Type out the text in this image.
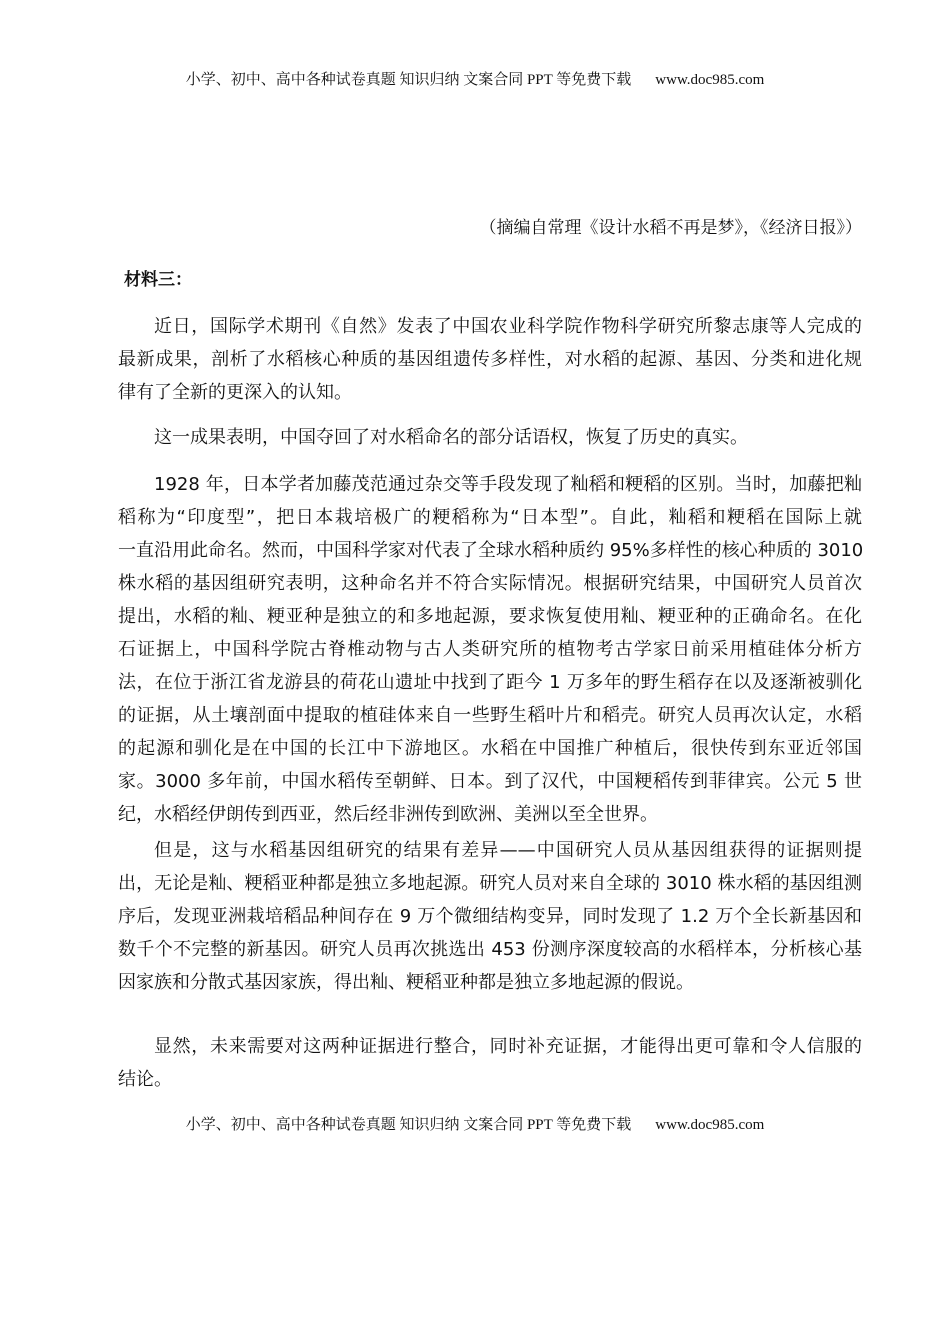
小学、初中、高中各种试卷真题 知识归纳 文案合同 PPT 等免费下载 www.doc985.com
（摘编自常理《设计水稻不再是梦》，《经济日报》）
材料三：
近日，国际学术期刊《自然》发表了中国农业科学院作物科学研究所黎志康等人完成的
最新成果，剖析了水稻核心种质的基因组遗传多样性，对水稻的起源、基因、分类和进化规
律有了全新的更深入的认知。
这一成果表明，中国夺回了对水稻命名的部分话语权，恢复了历史的真实。
1928 年，日本学者加藤茂范通过杂交等手段发现了籼稻和粳稻的区别。当时，加藤把籼
稻称为“印度型”，把日本栽培极广的粳稻称为“日本型”。自此，籼稻和粳稻在国际上就
一直沿用此命名。然而，中国科学家对代表了全球水稻种质约 95%多样性的核心种质的 3010
株水稻的基因组研究表明，这种命名并不符合实际情况。根据研究结果，中国研究人员首次
提出，水稻的籼、粳亚种是独立的和多地起源，要求恢复使用籼、粳亚种的正确命名。在化
石证据上，中国科学院古脊椎动物与古人类研究所的植物考古学家日前采用植硅体分析方
法，在位于浙江省龙游县的荷花山遗址中找到了距今 1 万多年的野生稻存在以及逐渐被驯化
的证据，从土壤剖面中提取的植硅体来自一些野生稻叶片和稻壳。研究人员再次认定，水稻
的起源和驯化是在中国的长江中下游地区。水稻在中国推广种植后，很快传到东亚近邻国
家。3000 多年前，中国水稻传至朝鲜、日本。到了汉代，中国粳稻传到菲律宾。公元 5 世
纪，水稻经伊朗传到西亚，然后经非洲传到欧洲、美洲以至全世界。
但是，这与水稻基因组研究的结果有差异——中国研究人员从基因组获得的证据则提
出，无论是籼、粳稻亚种都是独立多地起源。研究人员对来自全球的 3010 株水稻的基因组测
序后，发现亚洲栽培稻品种间存在 9 万个微细结构变异，同时发现了 1.2 万个全长新基因和
数千个不完整的新基因。研究人员再次挑选出 453 份测序深度较高的水稻样本，分析核心基
因家族和分散式基因家族，得出籼、粳稻亚种都是独立多地起源的假说。
显然，未来需要对这两种证据进行整合，同时补充证据，才能得出更可靠和令人信服的
结论。
小学、初中、高中各种试卷真题 知识归纳 文案合同 PPT 等免费下载 www.doc985.com
